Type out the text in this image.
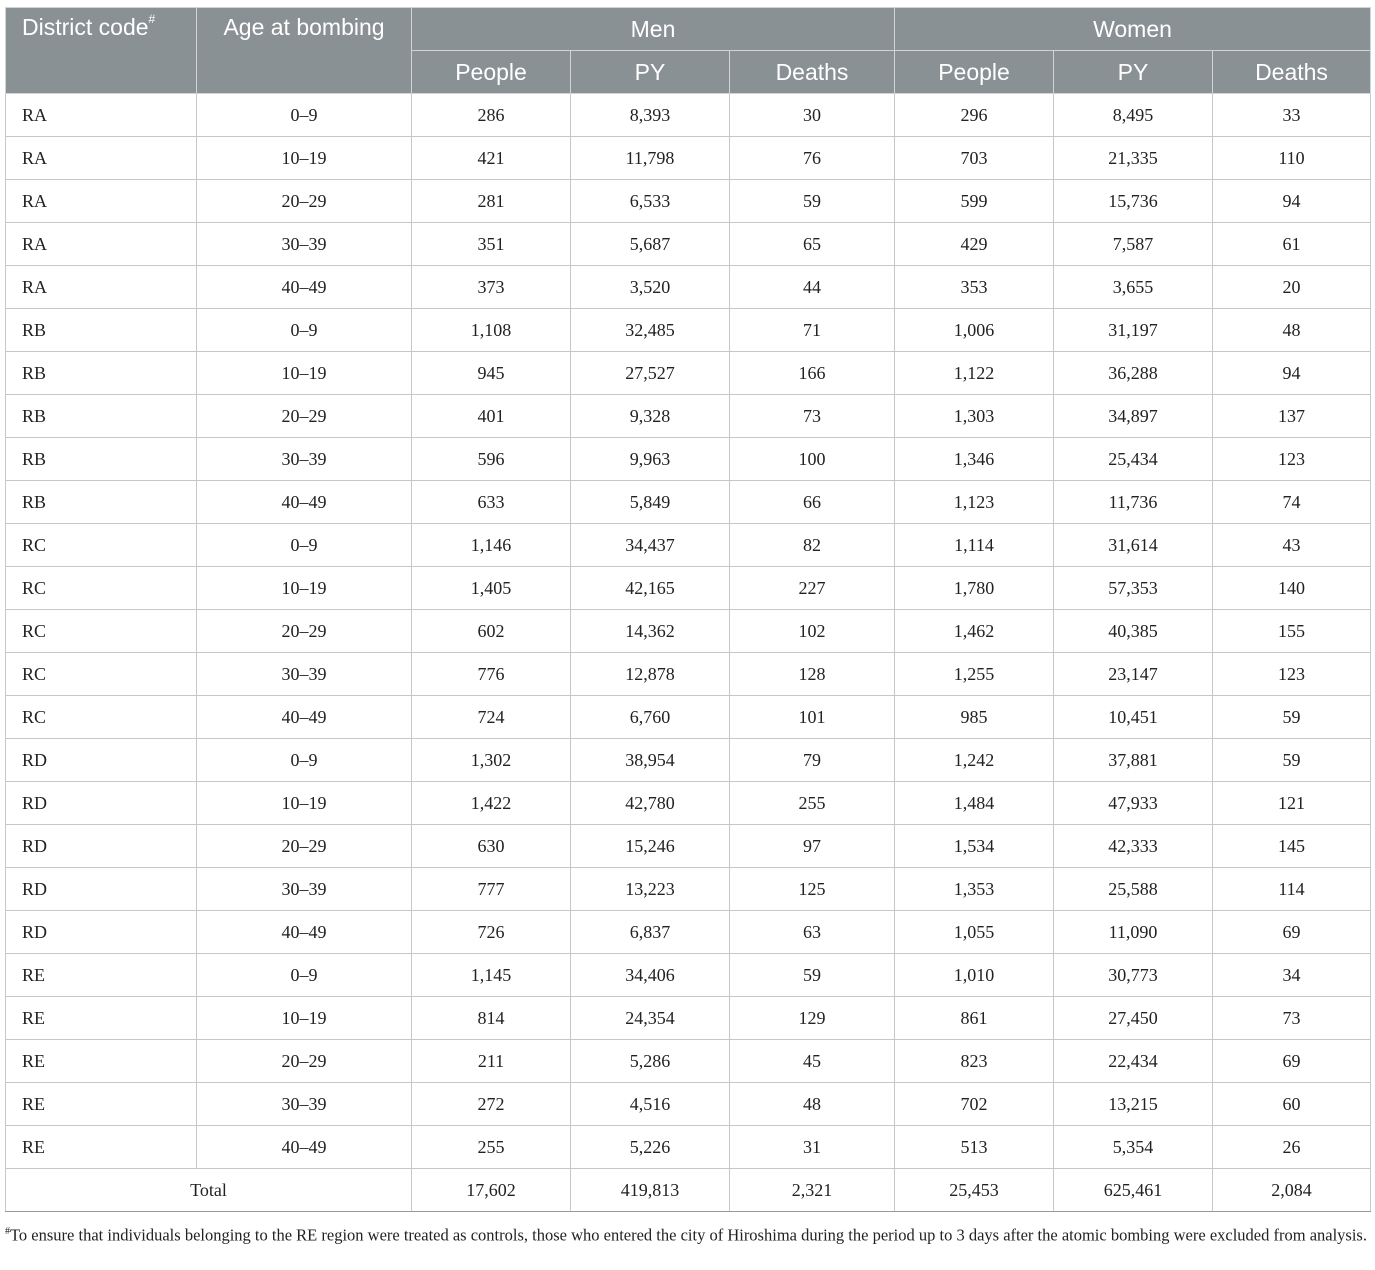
District code#	Age at bombing	Men			Women		
		People	PY	Deaths	People	PY	Deaths
RA	0–9	286	8,393	30	296	8,495	33
RA	10–19	421	11,798	76	703	21,335	110
RA	20–29	281	6,533	59	599	15,736	94
RA	30–39	351	5,687	65	429	7,587	61
RA	40–49	373	3,520	44	353	3,655	20
RB	0–9	1,108	32,485	71	1,006	31,197	48
RB	10–19	945	27,527	166	1,122	36,288	94
RB	20–29	401	9,328	73	1,303	34,897	137
RB	30–39	596	9,963	100	1,346	25,434	123
RB	40–49	633	5,849	66	1,123	11,736	74
RC	0–9	1,146	34,437	82	1,114	31,614	43
RC	10–19	1,405	42,165	227	1,780	57,353	140
RC	20–29	602	14,362	102	1,462	40,385	155
RC	30–39	776	12,878	128	1,255	23,147	123
RC	40–49	724	6,760	101	985	10,451	59
RD	0–9	1,302	38,954	79	1,242	37,881	59
RD	10–19	1,422	42,780	255	1,484	47,933	121
RD	20–29	630	15,246	97	1,534	42,333	145
RD	30–39	777	13,223	125	1,353	25,588	114
RD	40–49	726	6,837	63	1,055	11,090	69
RE	0–9	1,145	34,406	59	1,010	30,773	34
RE	10–19	814	24,354	129	861	27,450	73
RE	20–29	211	5,286	45	823	22,434	69
RE	30–39	272	4,516	48	702	13,215	60
RE	40–49	255	5,226	31	513	5,354	26
Total		17,602	419,813	2,321	25,453	625,461	2,084
#To ensure that individuals belonging to the RE region were treated as controls, those who entered the city of Hiroshima during the period up to 3 days after the atomic bombing were excluded from analysis.
